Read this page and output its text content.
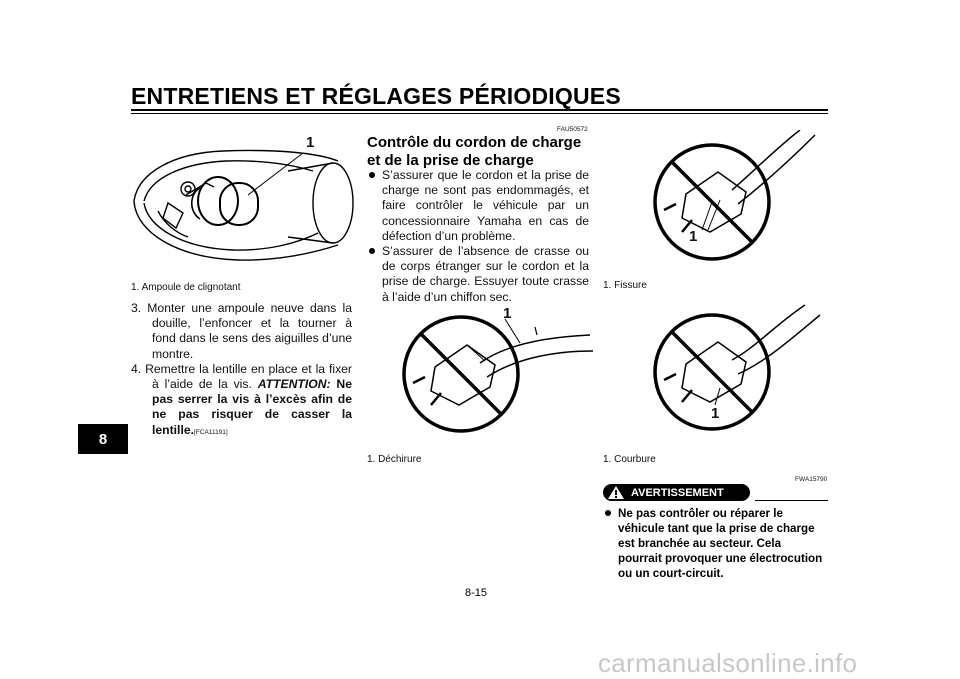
ENTRETIENS ET RÉGLAGES PÉRIODIQUES
8
1
1. Ampoule de clignotant
3. Monter une ampoule neuve dans la douille, l’enfoncer et la tourner à fond dans le sens des aiguilles d’une montre.
4. Remettre la lentille en place et la fixer à l’aide de la vis. ATTENTION: Ne pas serrer la vis à l’excès afin de ne pas risquer de casser la lentille.[FCA11191]
FAU50572
Contrôle du cordon de charge et de la prise de charge
S’assurer que le cordon et la prise de charge ne sont pas endommagés, et faire contrôler le véhicule par un concessionnaire Yamaha en cas de défection d’un problème.
S’assurer de l’absence de crasse ou de corps étranger sur le cordon et la prise de charge. Essuyer toute crasse à l’aide d’un chiffon sec.
1
1. Déchirure
1
1. Fissure
1
1. Courbure
FWA15790
AVERTISSEMENT
Ne pas contrôler ou réparer le véhicule tant que la prise de charge est branchée au secteur. Cela pourrait provoquer une électrocution ou un court-circuit.
8-15
carmanualsonline.info
